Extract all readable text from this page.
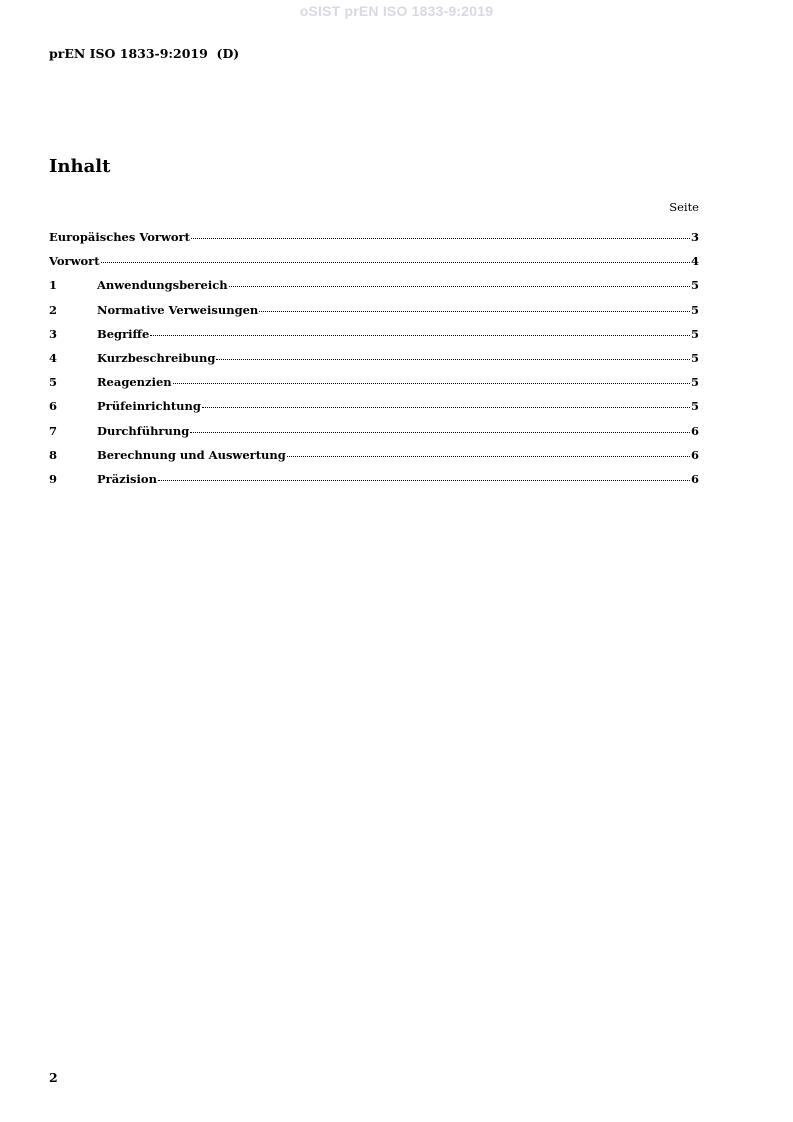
oSIST prEN ISO 1833-9:2019
prEN ISO 1833-9:2019  (D)
Inhalt
Seite
Europäisches Vorwort	3
Vorwort	4
1	Anwendungsbereich	5
2	Normative Verweisungen	5
3	Begriffe	5
4	Kurzbeschreibung	5
5	Reagenzien	5
6	Prüfeinrichtung	5
7	Durchführung	6
8	Berechnung und Auswertung	6
9	Präzision	6
2
